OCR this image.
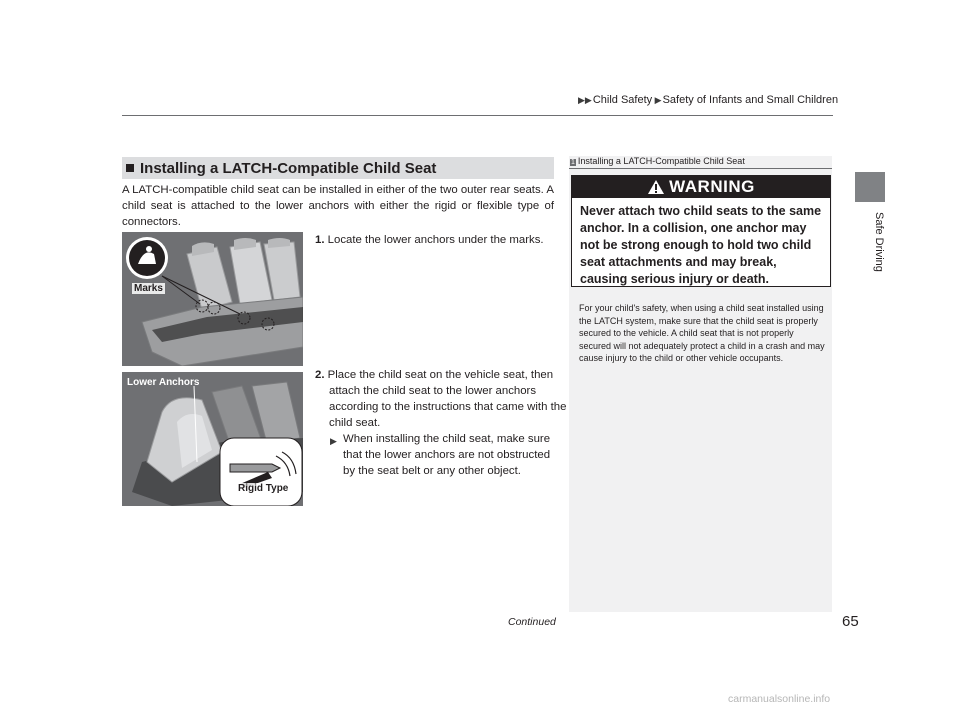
▶▶Child Safety ▶Safety of Infants and Small Children
Safe Driving
Installing a LATCH-Compatible Child Seat
A LATCH-compatible child seat can be installed in either of the two outer rear seats. A child seat is attached to the lower anchors with either the rigid or flexible type of connectors.
Marks
Lower Anchors
Rigid Type
1. Locate the lower anchors under the marks.
2. Place the child seat on the vehicle seat, then attach the child seat to the lower anchors according to the instructions that came with the child seat.
▶ When installing the child seat, make sure that the lower anchors are not obstructed by the seat belt or any other object.
1 Installing a LATCH-Compatible Child Seat
WARNING
Never attach two child seats to the same anchor. In a collision, one anchor may not be strong enough to hold two child seat attachments and may break, causing serious injury or death.
For your child's safety, when using a child seat installed using the LATCH system, make sure that the child seat is properly secured to the vehicle. A child seat that is not properly secured will not adequately protect a child in a crash and may cause injury to the child or other vehicle occupants.
Continued	65
carmanualsonline.info
